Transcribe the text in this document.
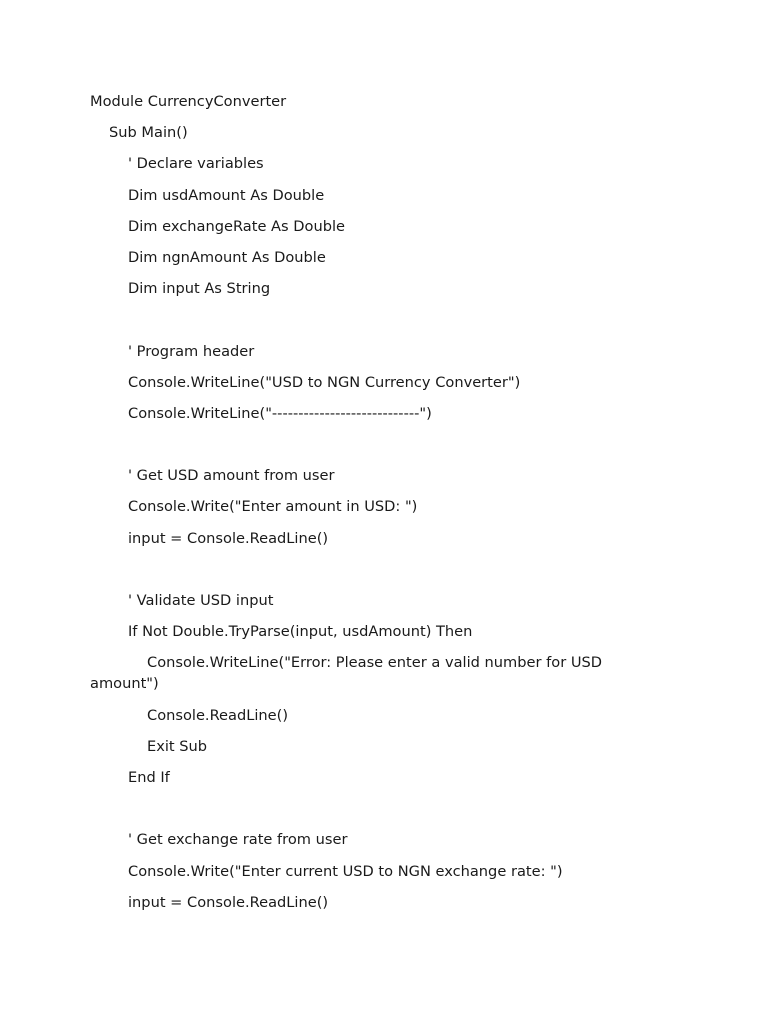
Module CurrencyConverter
Sub Main()
' Declare variables
Dim usdAmount As Double
Dim exchangeRate As Double
Dim ngnAmount As Double
Dim input As String
' Program header
Console.WriteLine("USD to NGN Currency Converter")
Console.WriteLine("----------------------------")
' Get USD amount from user
Console.Write("Enter amount in USD: ")
input = Console.ReadLine()
' Validate USD input
If Not Double.TryParse(input, usdAmount) Then
Console.WriteLine("Error: Please enter a valid number for USD amount")
Console.ReadLine()
Exit Sub
End If
' Get exchange rate from user
Console.Write("Enter current USD to NGN exchange rate: ")
input = Console.ReadLine()
